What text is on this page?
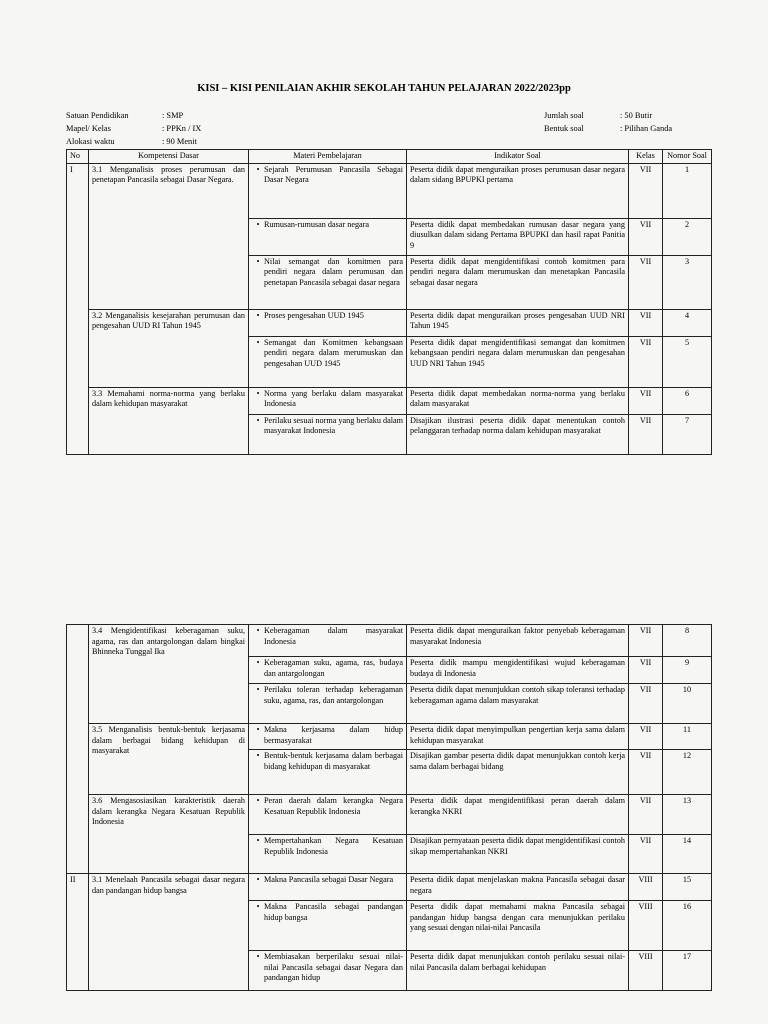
KISI – KISI PENILAIAN AKHIR SEKOLAH TAHUN PELAJARAN 2022/2023pp
Satuan Pendidikan	: SMP
Mapel/ Kelas	: PPKn / IX
Alokasi waktu	: 90 Menit
Jumlah soal	: 50 Butir
Bentuk soal	: Pilihan Ganda
No	Kompetensi Dasar	Materi Pembelajaran	Indikator Soal	Kelas	Nomor Soal
I	3.1 Menganalisis proses perumusan dan penetapan Pancasila sebagai Dasar Negara.	• Sejarah Perumusan Pancasila Sebagai Dasar Negara	Peserta didik dapat menguraikan proses perumusan dasar negara dalam sidang BPUPKI pertama	VII	1

		• Rumusan-rumusan dasar negara	Peserta didik dapat membedakan rumusan dasar negara yang diusulkan dalam sidang Pertama BPUPKI dan hasil rapat Panitia 9	VII	2

		• Nilai semangat dan komitmen para pendiri negara dalam perumusan dan penetapan Pancasila sebagai dasar negara	Peserta didik dapat mengidentifikasi contoh komitmen para pendiri negara dalam merumuskan dan menetapkan Pancasila sebagai dasar negara	VII	3
	3.2 Menganalisis kesejarahan perumusan dan pengesahan UUD RI Tahun 1945	• Proses pengesahan UUD 1945	Peserta didik dapat menguraikan proses pengesahan UUD NRI Tahun 1945	VII	4

		• Semangat dan Komitmen kebangsaan pendiri negara dalam merumuskan dan pengesahan UUD 1945	Peserta didik dapat mengidentifikasi semangat dan komitmen kebangsaan pendiri negara dalam merumuskan dan pengesahan UUD NRI Tahun 1945	VII	5
	3.3 Memahami norma-norma yang berlaku dalam kehidupan masyarakat	• Norma yang berlaku dalam masyarakat Indonesia	Peserta didik dapat membedakan norma-norma yang berlaku dalam masyarakat	VII	6

		• Perilaku sesuai norma yang berlaku dalam masyarakat Indonesia	Disajikan ilustrasi peserta didik dapat menentukan contoh pelanggaran terhadap norma dalam kehidupan masyarakat	VII	7
	3.4 Mengidentifikasi keberagaman suku, agama, ras dan antargolongan dalam bingkai Bhinneka Tunggal Ika	• Keberagaman dalam masyarakat Indonesia	Peserta didik dapat menguraikan faktor penyebab keberagaman masyarakat Indonesia	VII	8

		• Keberagaman suku, agama, ras, budaya dan antargolongan	Peserta didik mampu mengidentifikasi wujud keberagaman budaya di Indonesia	VII	9

		• Perilaku toleran terhadap keberagaman suku, agama, ras, dan antargolongan	Peserta didik dapat menunjukkan contoh sikap toleransi terhadap keberagaman agama dalam masyarakat	VII	10
	3.5 Menganalisis bentuk-bentuk kerjasama dalam berbagai bidang kehidupan di masyarakat	• Makna kerjasama dalam hidup bermasyarakat	Peserta didik dapat menyimpulkan pengertian kerja sama dalam kehidupan masyarakat	VII	11

		• Bentuk-bentuk kerjasama dalam berbagai bidang kehidupan di masyarakat	Disajikan gambar peserta didik dapat menunjukkan contoh kerja sama dalam berbagai bidang	VII	12
	3.6 Mengasosiasikan karakteristik daerah dalam kerangka Negara Kesatuan Republik Indonesia	• Peran daerah dalam kerangka Negara Kesatuan Republik Indonesia	Peserta didik dapat mengidentifikasi peran daerah dalam kerangka NKRI	VII	13

		• Mempertahankan Negara Kesatuan Republik Indonesia	Disajikan pernyataan peserta didik dapat mengidentifikasi contoh sikap mempertahankan NKRI	VII	14
II	3.1 Menelaah Pancasila sebagai dasar negara dan pandangan hidup bangsa	• Makna Pancasila sebagai Dasar Negara	Peserta didik dapat menjelaskan makna Pancasila sebagai dasar negara	VIII	15

		• Makna Pancasila sebagai pandangan hidup bangsa	Peserta didik dapat memahami makna Pancasila sebagai pandangan hidup bangsa dengan cara menunjukkan perilaku yang sesuai dengan nilai-nilai Pancasila	VIII	16

		• Membiasakan berperilaku sesuai nilai-nilai Pancasila sebagai dasar Negara dan pandangan hidup	Peserta didik dapat menunjukkan contoh perilaku sesuai nilai-nilai Pancasila dalam berbagai kehidupan	VIII	17
